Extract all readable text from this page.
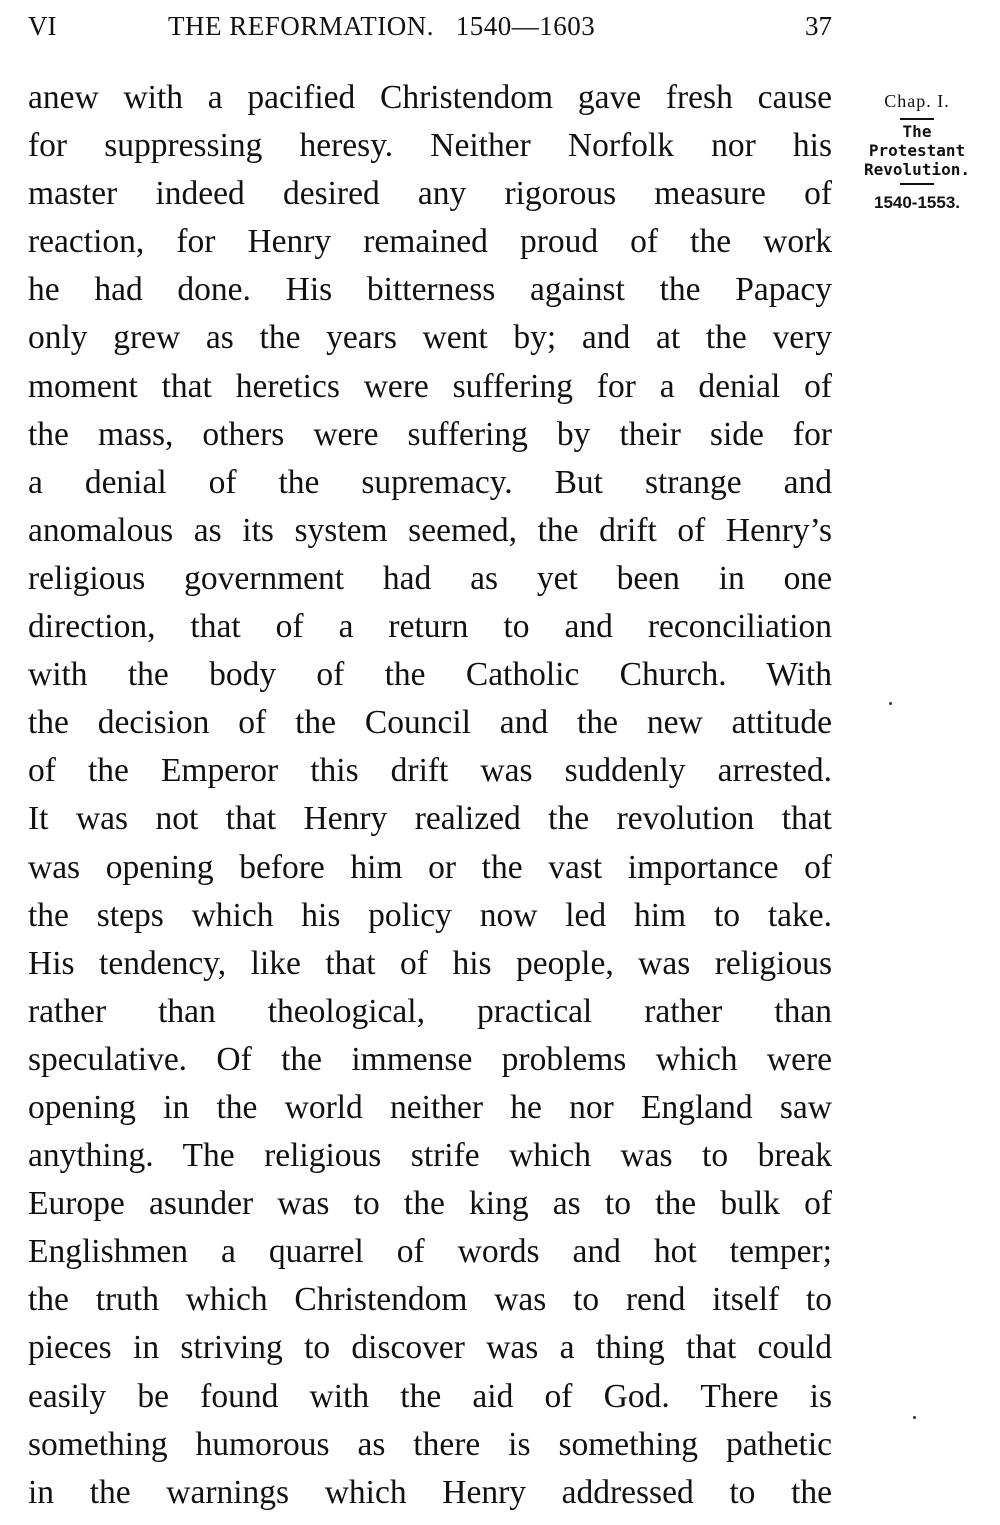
VI	THE REFORMATION. 1540—1603	37
anew with a pacified Christendom gave fresh cause
for suppressing heresy. Neither Norfolk nor his
master indeed desired any rigorous measure of
reaction, for Henry remained proud of the work
he had done. His bitterness against the Papacy
only grew as the years went by; and at the very
moment that heretics were suffering for a denial of
the mass, others were suffering by their side for
a denial of the supremacy. But strange and
anomalous as its system seemed, the drift of Henry’s
religious government had as yet been in one
direction, that of a return to and reconciliation
with the body of the Catholic Church. With
the decision of the Council and the new attitude
of the Emperor this drift was suddenly arrested.
It was not that Henry realized the revolution that
was opening before him or the vast importance of
the steps which his policy now led him to take.
His tendency, like that of his people, was religious
rather than theological, practical rather than
speculative. Of the immense problems which were
opening in the world neither he nor England saw
anything. The religious strife which was to break
Europe asunder was to the king as to the bulk of
Englishmen a quarrel of words and hot temper;
the truth which Christendom was to rend itself to
pieces in striving to discover was a thing that could
easily be found with the aid of God. There is
something humorous as there is something pathetic
in the warnings which Henry addressed to the
Chap. I.
The
Protestant
Revolution.
1540-1553.
